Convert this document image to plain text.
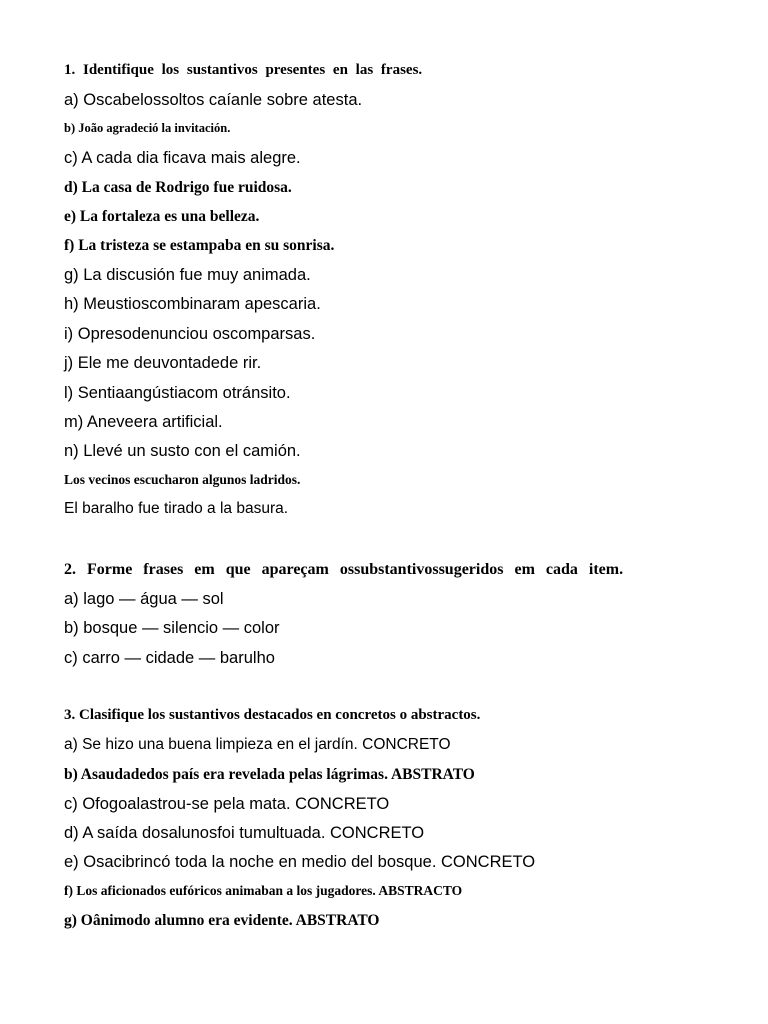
1. Identifique los sustantivos presentes en las frases.
a) Oscabelossoltos caíanle sobre atesta.
b) João agradeció la invitación.
c) A cada dia ficava mais alegre.
d) La casa de Rodrigo fue ruidosa.
e) La fortaleza es una belleza.
f) La tristeza se estampaba en su sonrisa.
g) La discusión fue muy animada.
h) Meustioscombinaram apescaria.
i) Opresodenunciou oscomparsas.
j) Ele me deuvontadede rir.
l) Sentiaangústiacom otránsito.
m) Aneveera artificial.
n) Llevé un susto con el camión.
Los vecinos escucharon algunos ladridos.
El baralho fue tirado a la basura.
2. Forme frases em que apareçam ossubstantivossugeridos em cada item.
a) lago — água — sol
b) bosque — silencio — color
c) carro — cidade — barulho
3. Clasifique los sustantivos destacados en concretos o abstractos.
a) Se hizo una buena limpieza en el jardín. CONCRETO
b) Asaudadedos país era revelada pelas lágrimas. ABSTRATO
c) Ofogoalastrou-se pela mata. CONCRETO
d) A saída dosalunosfoi tumultuada. CONCRETO
e) Osacibrincó toda la noche en medio del bosque. CONCRETO
f) Los aficionados eufóricos animaban a los jugadores. ABSTRACTO
g) Oânimodo alumno era evidente. ABSTRATO
